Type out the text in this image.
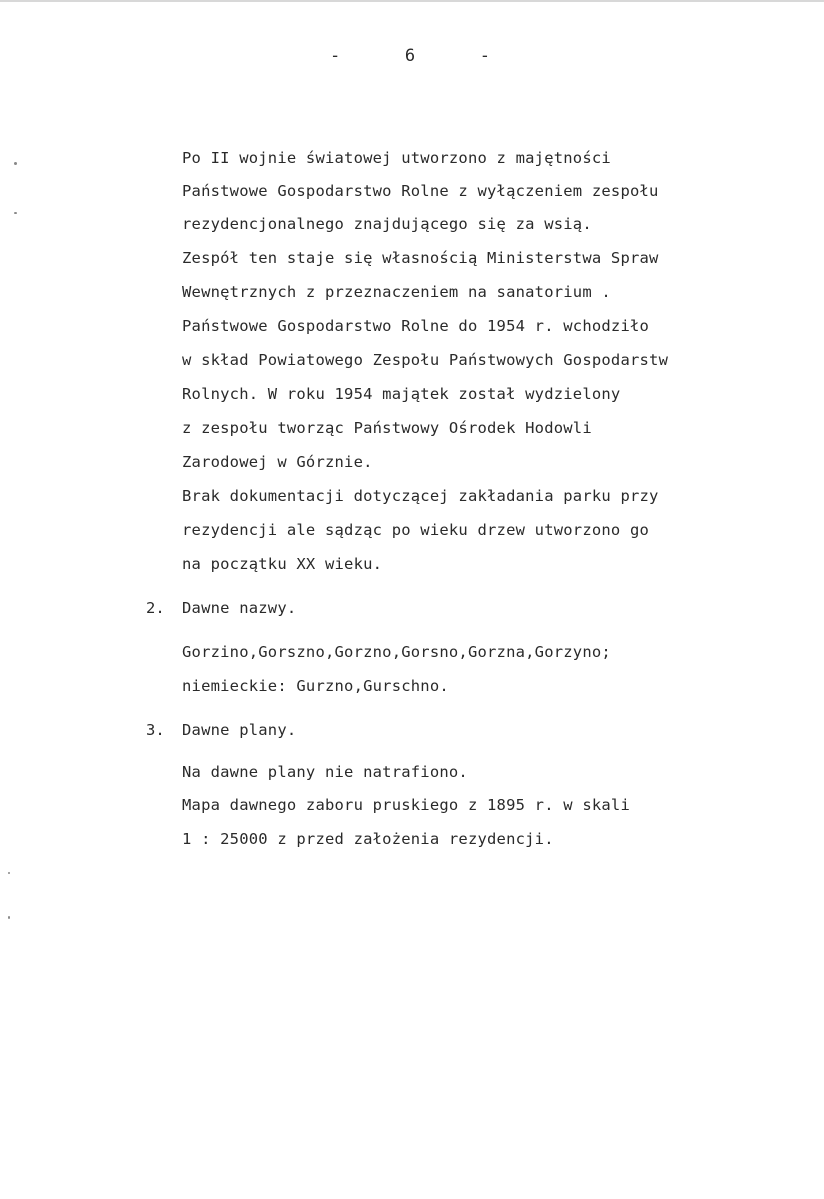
-	6	-
Po II wojnie światowej utworzono z majętności
Państwowe Gospodarstwo Rolne z wyłączeniem zespołu
rezydencjonalnego znajdującego się za wsią.
Zespół ten staje się własnością Ministerstwa Spraw
Wewnętrznych z przeznaczeniem na sanatorium .
Państwowe Gospodarstwo Rolne do 1954 r. wchodziło
w skład Powiatowego Zespołu Państwowych Gospodarstw
Rolnych. W roku 1954 majątek został wydzielony
z zespołu tworząc Państwowy Ośrodek Hodowli
Zarodowej w Górznie.
Brak dokumentacji dotyczącej zakładania parku przy
rezydencji ale sądząc po wieku drzew utworzono go
na początku XX wieku.
2. Dawne nazwy.
Gorzino,Gorszno,Gorzno,Gorsno,Gorzna,Gorzyno;
niemieckie: Gurzno,Gurschno.
3. Dawne plany.
Na dawne plany nie natrafiono.
Mapa dawnego zaboru pruskiego z 1895 r. w skali
1 : 25000 z przed założenia rezydencji.
